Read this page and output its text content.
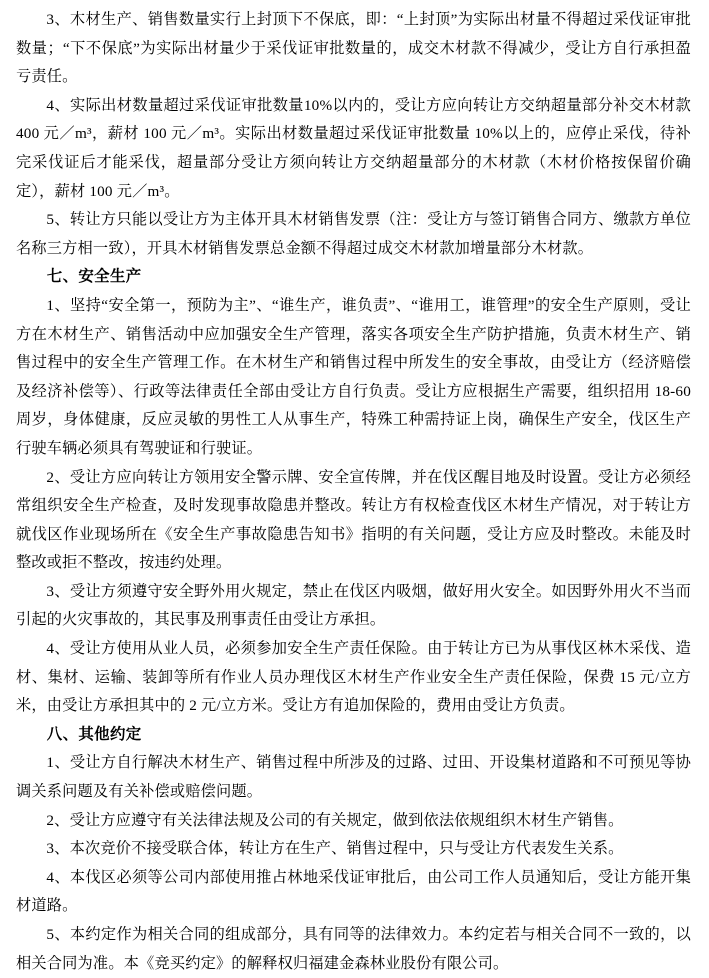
3、木材生产、销售数量实行上封顶下不保底，即：“上封顶”为实际出材量不得超过采伐证审批数量；“下不保底”为实际出材量少于采伐证审批数量的，成交木材款不得减少，受让方自行承担盈亏责任。

4、实际出材数量超过采伐证审批数量10%以内的，受让方应向转让方交纳超量部分补交木材款 400 元／m³，薪材 100 元／m³。实际出材数量超过采伐证审批数量 10%以上的，应停止采伐，待补完采伐证后才能采伐，超量部分受让方须向转让方交纳超量部分的木材款（木材价格按保留价确定），薪材 100 元／m³。

5、转让方只能以受让方为主体开具木材销售发票（注：受让方与签订销售合同方、缴款方单位名称三方相一致），开具木材销售发票总金额不得超过成交木材款加增量部分木材款。

七、安全生产

1、坚持“安全第一，预防为主”、“谁生产，谁负责”、“谁用工，谁管理”的安全生产原则，受让方在木材生产、销售活动中应加强安全生产管理，落实各项安全生产防护措施，负责木材生产、销售过程中的安全生产管理工作。在木材生产和销售过程中所发生的安全事故，由受让方（经济赔偿及经济补偿等）、行政等法律责任全部由受让方自行负责。受让方应根据生产需要，组织招用 18-60 周岁，身体健康，反应灵敏的男性工人从事生产，特殊工种需持证上岗，确保生产安全，伐区生产行驶车辆必须具有驾驶证和行驶证。

2、受让方应向转让方领用安全警示牌、安全宣传牌，并在伐区醒目地及时设置。受让方必须经常组织安全生产检查，及时发现事故隐患并整改。转让方有权检查伐区木材生产情况，对于转让方就伐区作业现场所在《安全生产事故隐患告知书》指明的有关问题，受让方应及时整改。未能及时整改或拒不整改，按违约处理。

3、受让方须遵守安全野外用火规定，禁止在伐区内吸烟，做好用火安全。如因野外用火不当而引起的火灾事故的，其民事及刑事责任由受让方承担。

4、受让方使用从业人员，必须参加安全生产责任保险。由于转让方已为从事伐区林木采伐、造材、集材、运输、装卸等所有作业人员办理伐区木材生产作业安全生产责任保险，保费 15 元/立方米，由受让方承担其中的 2 元/立方米。受让方有追加保险的，费用由受让方负责。

八、其他约定

1、受让方自行解决木材生产、销售过程中所涉及的过路、过田、开设集材道路和不可预见等协调关系问题及有关补偿或赔偿问题。

2、受让方应遵守有关法律法规及公司的有关规定，做到依法依规组织木材生产销售。

3、本次竞价不接受联合体，转让方在生产、销售过程中，只与受让方代表发生关系。

4、本伐区必须等公司内部使用推占林地采伐证审批后，由公司工作人员通知后，受让方能开集材道路。

5、本约定作为相关合同的组成部分，具有同等的法律效力。本约定若与相关合同不一致的，以相关合同为准。本《竞买约定》的解释权归福建金森林业股份有限公司。
